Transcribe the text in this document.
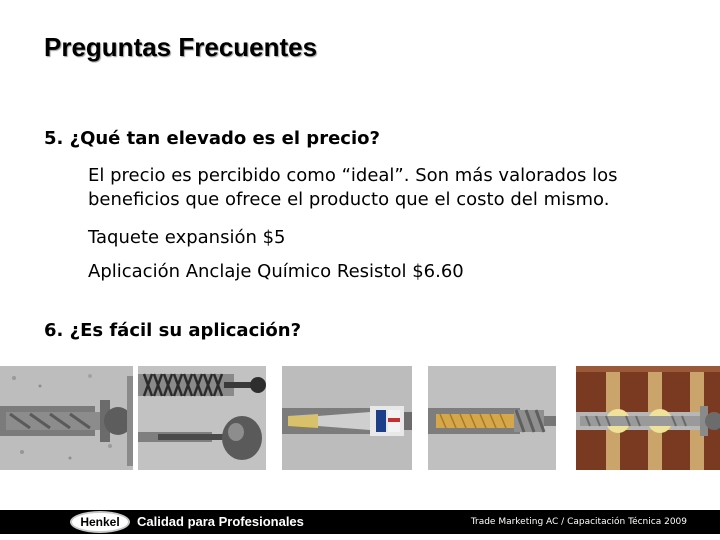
Preguntas Frecuentes
5. ¿Qué tan elevado es el precio?
El precio es percibido como “ideal”. Son más valorados los beneficios que ofrece el producto que el costo del mismo.
Taquete expansión $5
Aplicación Anclaje Químico Resistol $6.60
6. ¿Es fácil su aplicación?
Henkel	Calidad para Profesionales	Trade Marketing AC / Capacitación Técnica 2009
